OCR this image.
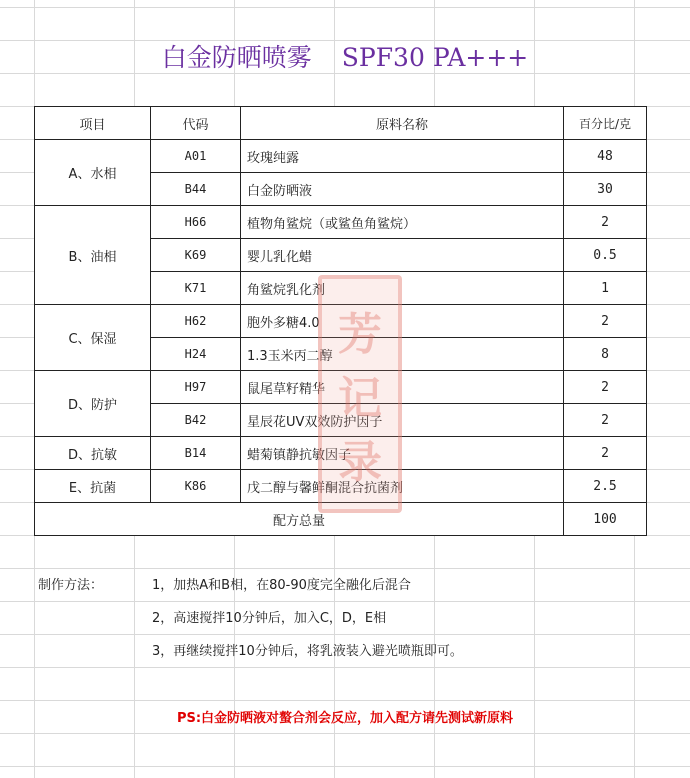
白金防晒喷雾 SPF30 PA+++
项目	代码	原料名称	百分比/克
A、水相	A01	玫瑰纯露	48
	B44	白金防晒液	30
B、油相	H66	植物角鲨烷（或鲨鱼角鲨烷）	2
	K69	婴儿乳化蜡	0.5
	K71	角鲨烷乳化剂	1
C、保湿	H62	胞外多糖4.0	2
	H24	1.3玉米丙二醇	8
D、防护	H97	鼠尾草籽精华	2
	B42	星辰花UV双效防护因子	2
D、抗敏	B14	蜡菊镇静抗敏因子	2
E、抗菌	K86	戊二醇与馨鲜酮混合抗菌剂	2.5
配方总量			100
芳
记
录
制作方法：	1，加热A和B相，在80-90度完全融化后混合
2，高速搅拌10分钟后，加入C，D，E相
3，再继续搅拌10分钟后，将乳液装入避光喷瓶即可。
PS:白金防晒液对螯合剂会反应，加入配方请先测试新原料
